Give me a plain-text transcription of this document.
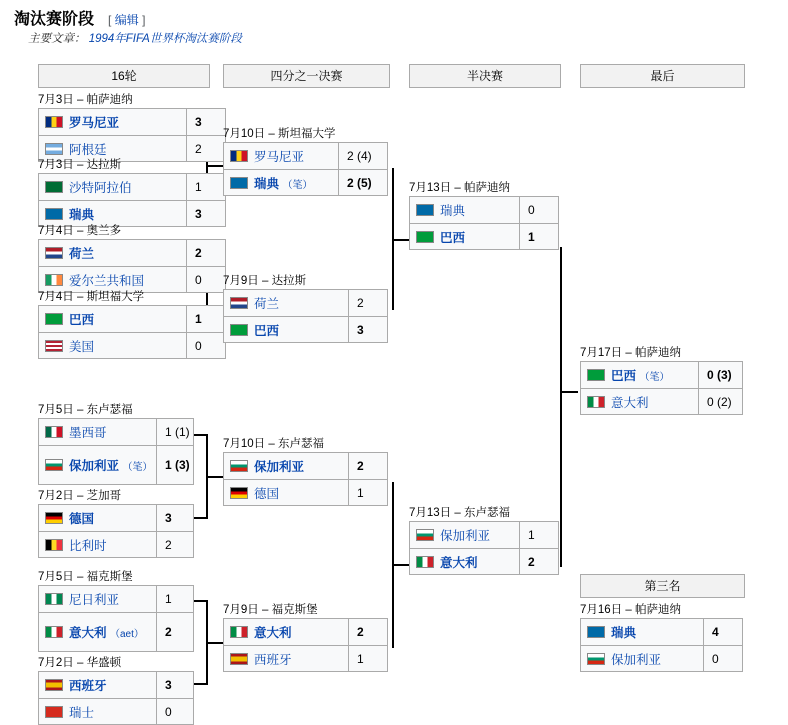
淘汰赛阶段 [ 编辑 ]
主要文章： 1994年FIFA世界杯淘汰赛阶段
16轮	四分之一决赛	半决赛	最后
第三名
7月3日 – 帕萨迪纳
罗马尼亚	3
阿根廷	2
7月3日 – 达拉斯
沙特阿拉伯	1
瑞典	3
7月4日 – 奥兰多
荷兰	2
爱尔兰共和国	0
7月4日 – 斯坦福大学
巴西	1
美国	0
7月5日 – 东卢瑟福
墨西哥	1 (1)
保加利亚 （笔）	1 (3)
7月2日 – 芝加哥
德国	3
比利时	2
7月5日 – 福克斯堡
尼日利亚	1
意大利 （aet）	2
7月2日 – 华盛顿
西班牙	3
瑞士	0
7月10日 – 斯坦福大学
罗马尼亚	2 (4)
瑞典 （笔）	2 (5)
7月9日 – 达拉斯
荷兰	2
巴西	3
7月10日 – 东卢瑟福
保加利亚	2
德国	1
7月9日 – 福克斯堡
意大利	2
西班牙	1
7月13日 – 帕萨迪纳
瑞典	0
巴西	1
7月13日 – 东卢瑟福
保加利亚	1
意大利	2
7月17日 – 帕萨迪纳
巴西 （笔）	0 (3)
意大利	0 (2)
7月16日 – 帕萨迪纳
瑞典	4
保加利亚	0
